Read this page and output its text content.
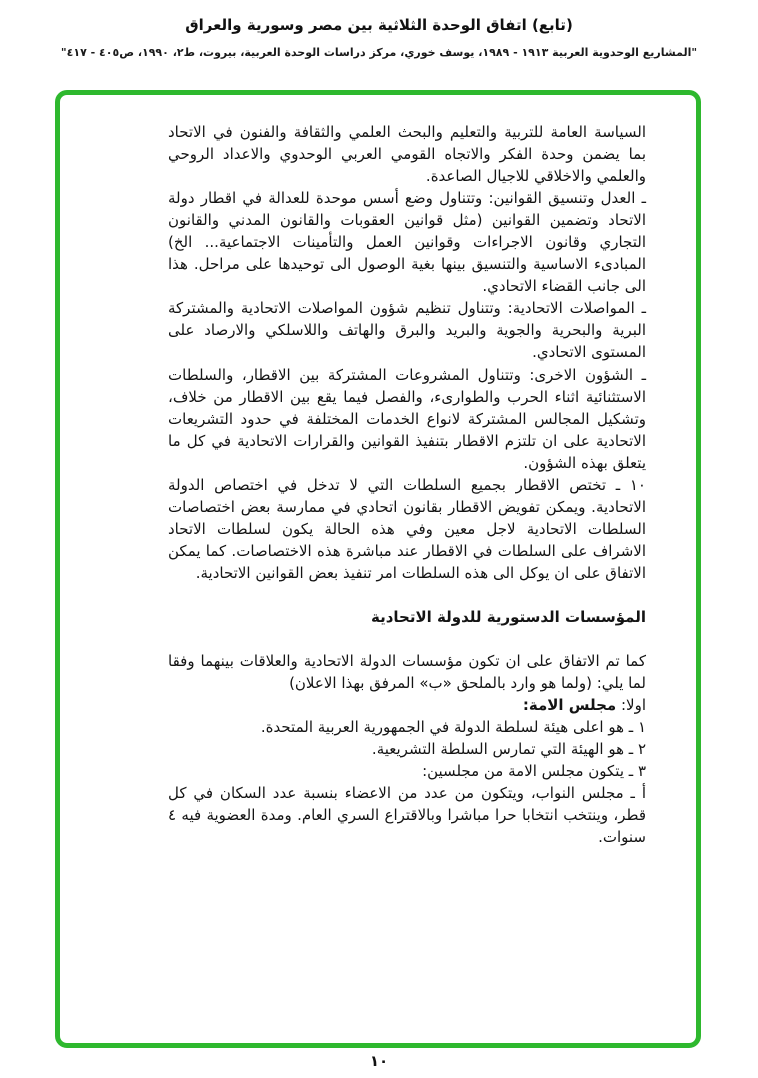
(تابع) اتفاق الوحدة الثلاثية بين مصر وسورية والعراق
"المشاريع الوحدوية العربية ١٩١٣ - ١٩٨٩، يوسف خوري، مركز دراسات الوحدة العربية، بيروت، ط٢، ١٩٩٠، ص٤٠٥ - ٤١٧"

السياسة العامة للتربية والتعليم والبحث العلمي والثقافة والفنون في الاتحاد بما يضمن وحدة الفكر والاتجاه القومي العربي الوحدوي والاعداد الروحي والعلمي والاخلاقي للاجيال الصاعدة.

ـ العدل وتنسيق القوانين: وتتناول وضع أسس موحدة للعدالة في اقطار دولة الاتحاد وتضمين القوانين (مثل قوانين العقوبات والقانون المدني والقانون التجاري وقانون الاجراءات وقوانين العمل والتأمينات الاجتماعية... الخ) المبادىء الاساسية والتنسيق بينها بغية الوصول الى توحيدها على مراحل. هذا الى جانب القضاء الاتحادي.

ـ المواصلات الاتحادية: وتتناول تنظيم شؤون المواصلات الاتحادية والمشتركة البرية والبحرية والجوية والبريد والبرق والهاتف واللاسلكي والارصاد على المستوى الاتحادي.

ـ الشؤون الاخرى: وتتناول المشروعات المشتركة بين الاقطار، والسلطات الاستثنائية اثناء الحرب والطوارىء، والفصل فيما يقع بين الاقطار من خلاف، وتشكيل المجالس المشتركة لانواع الخدمات المختلفة في حدود التشريعات الاتحادية على ان تلتزم الاقطار بتنفيذ القوانين والقرارات الاتحادية في كل ما يتعلق بهذه الشؤون.

١٠ ـ تختص الاقطار بجميع السلطات التي لا تدخل في اختصاص الدولة الاتحادية. ويمكن تفويض الاقطار بقانون اتحادي في ممارسة بعض اختصاصات السلطات الاتحادية لاجل معين وفي هذه الحالة يكون لسلطات الاتحاد الاشراف على السلطات في الاقطار عند مباشرة هذه الاختصاصات. كما يمكن الاتفاق على ان يوكل الى هذه السلطات امر تنفيذ بعض القوانين الاتحادية.

المؤسسات الدستورية للدولة الاتحادية

كما تم الاتفاق على ان تكون مؤسسات الدولة الاتحادية والعلاقات بينهما وفقا لما يلي: (ولما هو وارد بالملحق «ب» المرفق بهذا الاعلان)

اولا: مجلس الامة:

١ ـ هو اعلى هيئة لسلطة الدولة في الجمهورية العربية المتحدة.

٢ ـ هو الهيئة التي تمارس السلطة التشريعية.

٣ ـ يتكون مجلس الامة من مجلسين:

أ ـ مجلس النواب، ويتكون من عدد من الاعضاء بنسبة عدد السكان في كل قطر، وينتخب انتخابا حرا مباشرا وبالاقتراع السري العام. ومدة العضوية فيه ٤ سنوات.

١٠
